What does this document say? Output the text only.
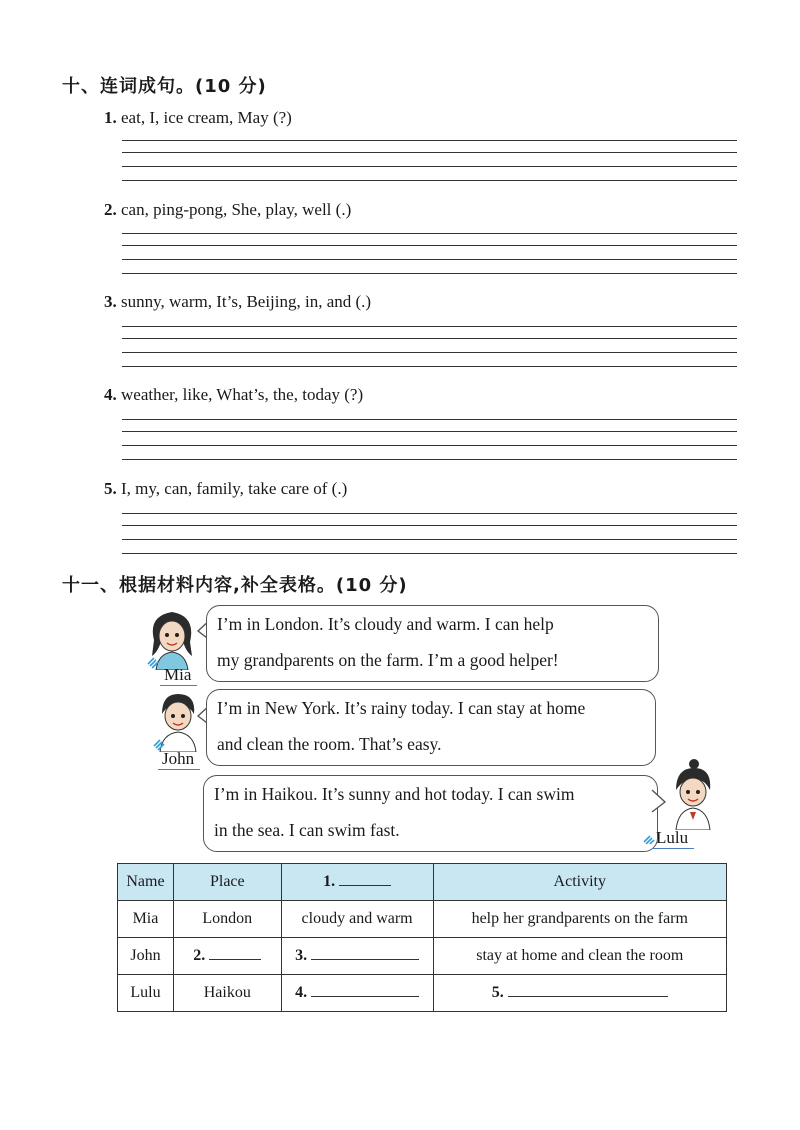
十、连词成句。(10 分)
1. eat, I, ice cream, May (?)
2. can, ping-pong, She, play, well (.)
3. sunny, warm, It’s, Beijing, in, and (.)
4. weather, like, What’s, the, today (?)
5. I, my, can, family, take care of (.)
十一、根据材料内容,补全表格。(10 分)
Mia

I’m in London. It’s cloudy and warm. I can help

my grandparents on the farm. I’m a good helper!

John

I’m in New York. It’s rainy today. I can stay at home

and clean the room. That’s easy.

I’m in Haikou. It’s sunny and hot today. I can swim

in the sea. I can swim fast.	Lulu
Name	Place	1.	Activity
Mia	London	cloudy and warm	help her grandparents on the farm
John	2.	3.	stay at home and clean the room
Lulu	Haikou	4.	5.
